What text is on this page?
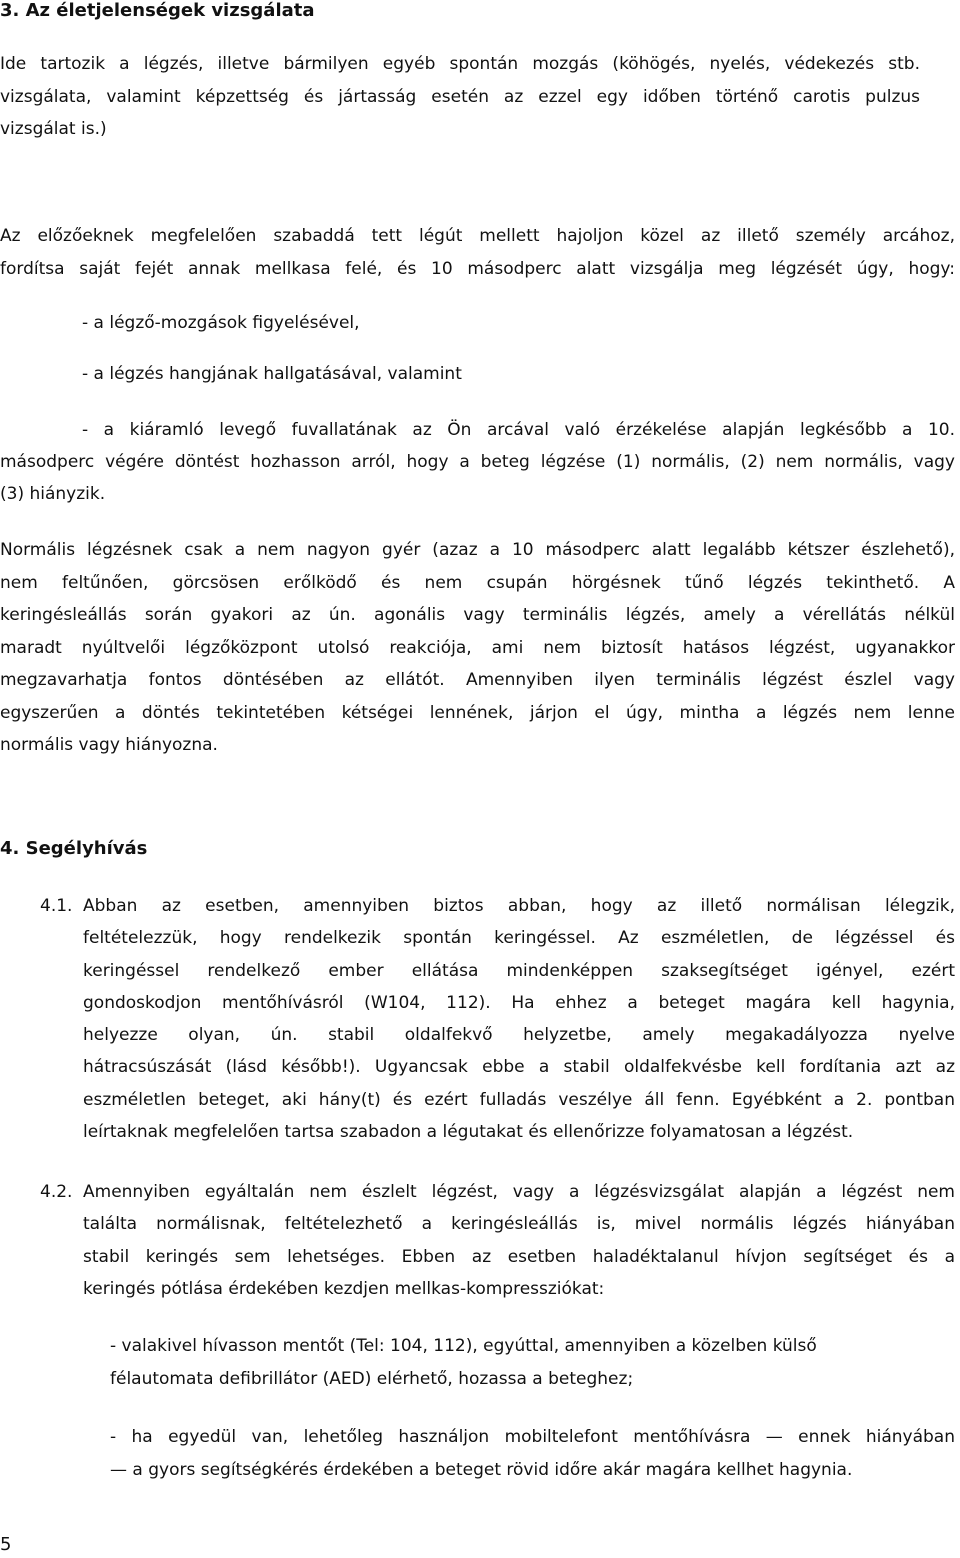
3. Az életjelenségek vizsgálata
Ide tartozik a légzés, illetve bármilyen egyéb spontán mozgás (köhögés, nyelés, védekezés stb.
vizsgálata, valamint képzettség és jártasság esetén az ezzel egy időben történő carotis pulzus
vizsgálat is.)
Az előzőeknek megfelelően szabaddá tett légút mellett hajoljon közel az illető személy arcához,
fordítsa saját fejét annak mellkasa felé, és 10 másodperc alatt vizsgálja meg légzését úgy, hogy:
- a légző-mozgások figyelésével,
- a légzés hangjának hallgatásával, valamint
- a kiáramló levegő fuvallatának az Ön arcával való érzékelése alapján legkésőbb a 10.
másodperc végére döntést hozhasson arról, hogy a beteg légzése (1) normális, (2) nem normális, vagy
(3) hiányzik.
Normális légzésnek csak a nem nagyon gyér (azaz a 10 másodperc alatt legalább kétszer észlehető),
nem feltűnően, görcsösen erőlködő és nem csupán hörgésnek tűnő légzés tekinthető. A
keringésleállás során gyakori az ún. agonális vagy terminális légzés, amely a vérellátás nélkül
maradt nyúltvelői légzőközpont utolsó reakciója, ami nem biztosít hatásos légzést, ugyanakkor
megzavarhatja fontos döntésében az ellátót. Amennyiben ilyen terminális légzést észlel vagy
egyszerűen a döntés tekintetében kétségei lennének, járjon el úgy, mintha a légzés nem lenne
normális vagy hiányozna.
4. Segélyhívás
4.1. Abban az esetben, amennyiben biztos abban, hogy az illető normálisan lélegzik,
feltételezzük, hogy rendelkezik spontán keringéssel. Az eszméletlen, de légzéssel és
keringéssel rendelkező ember ellátása mindenképpen szaksegítséget igényel, ezért
gondoskodjon mentőhívásról (W104, 112). Ha ehhez a beteget magára kell hagynia,
helyezze olyan, ún. stabil oldalfekvő helyzetbe, amely megakadályozza nyelve
hátracsúszását (lásd később!). Ugyancsak ebbe a stabil oldalfekvésbe kell fordítania azt az
eszméletlen beteget, aki hány(t) és ezért fulladás veszélye áll fenn. Egyébként a 2. pontban
leírtaknak megfelelően tartsa szabadon a légutakat és ellenőrizze folyamatosan a légzést.
4.2. Amennyiben egyáltalán nem észlelt légzést, vagy a légzésvizsgálat alapján a légzést nem
találta normálisnak, feltételezhető a keringésleállás is, mivel normális légzés hiányában
stabil keringés sem lehetséges. Ebben az esetben haladéktalanul hívjon segítséget és a
keringés pótlása érdekében kezdjen mellkas-kompressziókat:
- valakivel hívasson mentőt (Tel: 104, 112), egyúttal, amennyiben a közelben külső
félautomata defibrillátor (AED) elérhető, hozassa a beteghez;
- ha egyedül van, lehetőleg használjon mobiltelefont mentőhívásra — ennek hiányában
— a gyors segítségkérés érdekében a beteget rövid időre akár magára kellhet hagynia.
5
